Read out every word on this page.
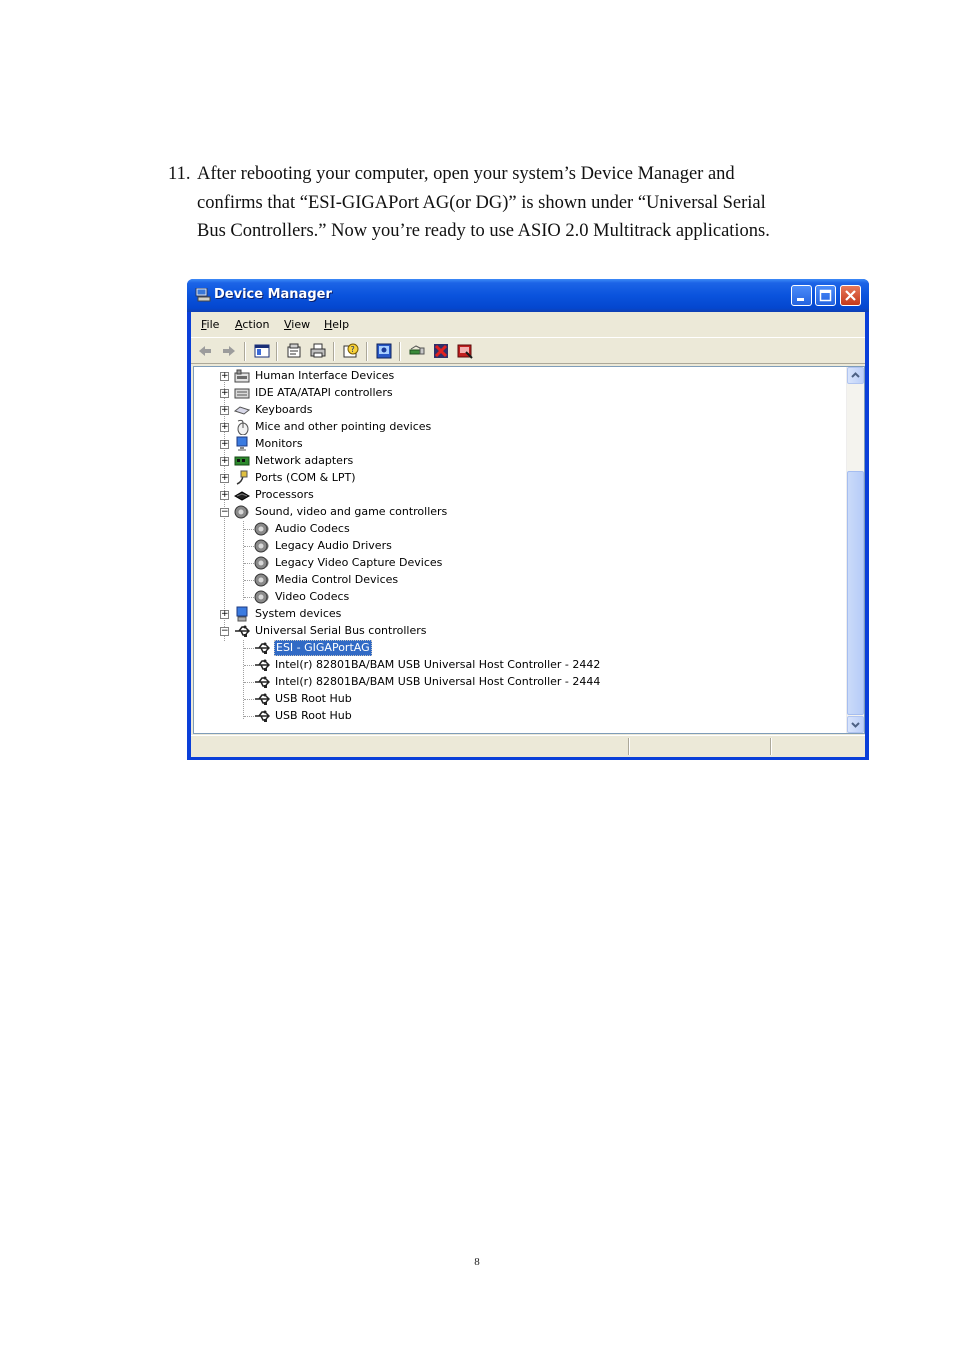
11. After rebooting your computer, open your system’s Device Manager and
confirms that “ESI-GIGAPort AG(or DG)” is shown under “Universal Serial
Bus Controllers.” Now you’re ready to use ASIO 2.0 Multitrack applications.
Device Manager
File Action View Help
?
+ Human Interface Devices
+ IDE ATA/ATAPI controllers
+ Keyboards
+ Mice and other pointing devices
+ Monitors
+ Network adapters
+ Ports (COM & LPT)
+ Processors
− Sound, video and game controllers
Audio Codecs
Legacy Audio Drivers
Legacy Video Capture Devices
Media Control Devices
Video Codecs
+ System devices
− Universal Serial Bus controllers
ESI - GIGAPortAG
Intel(r) 82801BA/BAM USB Universal Host Controller - 2442
Intel(r) 82801BA/BAM USB Universal Host Controller - 2444
USB Root Hub
USB Root Hub
8
